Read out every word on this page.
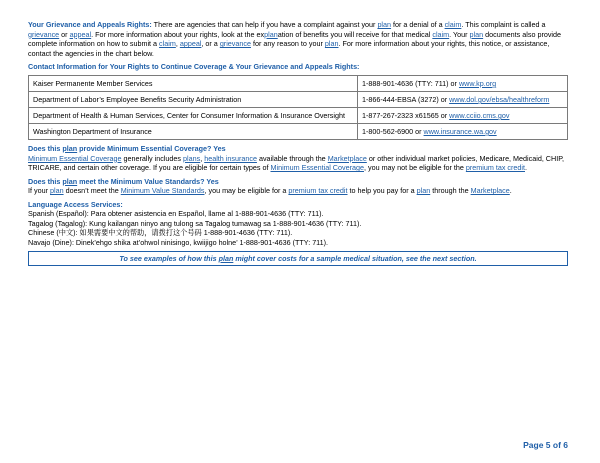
Your Grievance and Appeals Rights: There are agencies that can help if you have a complaint against your plan for a denial of a claim. This complaint is called a grievance or appeal. For more information about your rights, look at the explanation of benefits you will receive for that medical claim. Your plan documents also provide complete information on how to submit a claim, appeal, or a grievance for any reason to your plan. For more information about your rights, this notice, or assistance, contact the agencies in the chart below.

Contact Information for Your Rights to Continue Coverage & Your Grievance and Appeals Rights:

Kaiser Permanente Member Services	1-888-901-4636 (TTY: 711) or www.kp.org
Department of Labor’s Employee Benefits Security Administration	1-866-444-EBSA (3272) or www.dol.gov/ebsa/healthreform
Department of Health & Human Services, Center for Consumer Information & Insurance Oversight	1-877-267-2323 x61565 or www.cciio.cms.gov
Washington Department of Insurance	1-800-562-6900 or www.insurance.wa.gov

Does this plan provide Minimum Essential Coverage? Yes

Minimum Essential Coverage generally includes plans, health insurance available through the Marketplace or other individual market policies, Medicare, Medicaid, CHIP, TRICARE, and certain other coverage. If you are eligible for certain types of Minimum Essential Coverage, you may not be eligible for the premium tax credit.

Does this plan meet the Minimum Value Standards? Yes

If your plan doesn’t meet the Minimum Value Standards, you may be eligible for a premium tax credit to help you pay for a plan through the Marketplace.

Language Access Services:

Spanish (Español): Para obtener asistencia en Español, llame al 1-888-901-4636 (TTY: 711).

Tagalog (Tagalog): Kung kailangan ninyo ang tulong sa Tagalog tumawag sa 1-888-901-4636 (TTY: 711).

Chinese (中文): 如果需要中文的帮助，请拨打这个号码 1-888-901-4636 (TTY: 711).

Navajo (Dine): Dinek’ehgo shika at’ohwol ninisingo, kwiijigo holne’ 1-888-901-4636 (TTY: 711).

To see examples of how this plan might cover costs for a sample medical situation, see the next section.
Page 5 of 6
